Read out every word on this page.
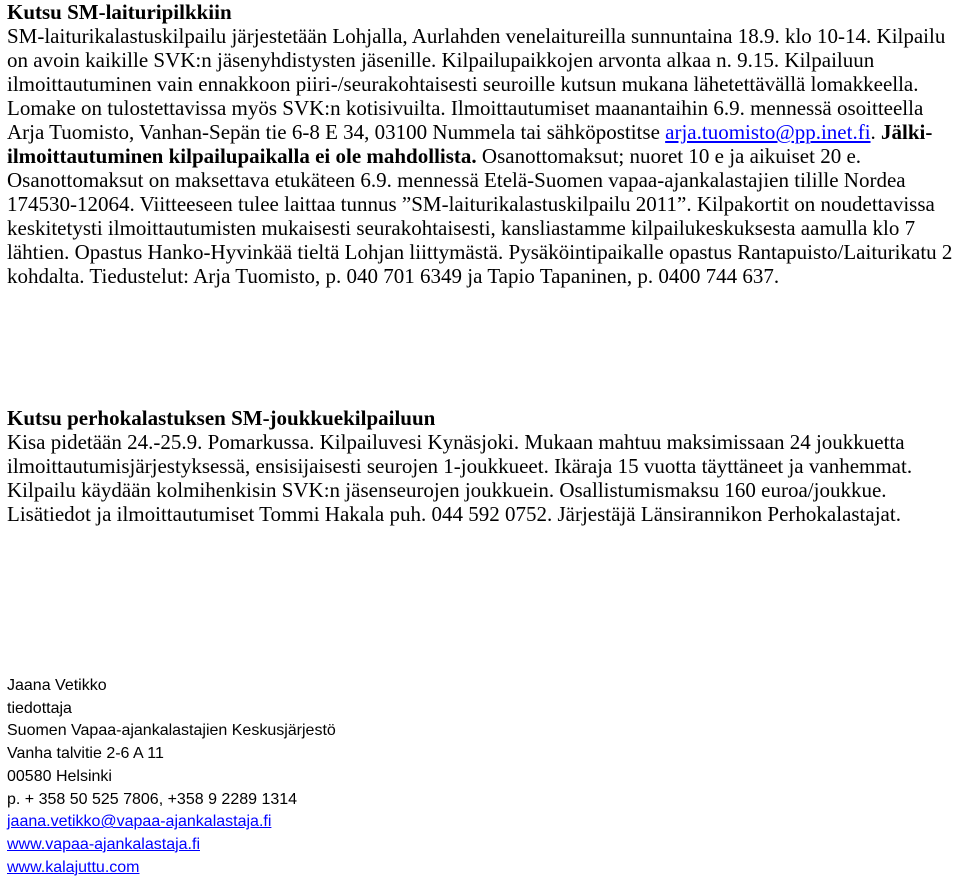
Kutsu SM-laituripilkkiin
SM-laiturikalastuskilpailu järjestetään Lohjalla, Aurlahden venelaitureilla sunnuntaina 18.9. klo 10-14. Kilpailu on avoin kaikille SVK:n jäsenyhdistysten jäsenille. Kilpailupaikkojen arvonta alkaa n. 9.15. Kilpailuun ilmoittautuminen vain ennakkoon piiri-/seurakohtaisesti seuroille kutsun mukana lähetettävällä lomakkeella. Lomake on tulostettavissa myös SVK:n kotisivuilta. Ilmoittautumiset maanantaihin 6.9. mennessä osoitteella Arja Tuomisto, Vanhan-Sepän tie 6-8 E 34, 03100 Nummela tai sähköpostitse arja.tuomisto@pp.inet.fi. Jälki-ilmoittautuminen kilpailupaikalla ei ole mahdollista. Osanottomaksut; nuoret 10 e ja aikuiset 20 e. Osanottomaksut on maksettava etukäteen 6.9. mennessä Etelä-Suomen vapaa-ajankalastajien tilille Nordea 174530-12064. Viitteeseen tulee laittaa tunnus ”SM-laiturikalastuskilpailu 2011”. Kilpakortit on noudettavissa keskitetysti ilmoittautumisten mukaisesti seurakohtaisesti, kansliastamme kilpailukeskuksesta aamulla klo 7 lähtien. Opastus Hanko-Hyvinkää tieltä Lohjan liittymästä. Pysäköintipaikalle opastus Rantapuisto/Laiturikatu 2 kohdalta. Tiedustelut: Arja Tuomisto, p. 040 701 6349 ja Tapio Tapaninen, p. 0400 744 637.
Kutsu perhokalastuksen SM-joukkuekilpailuun
Kisa pidetään 24.-25.9. Pomarkussa. Kilpailuvesi Kynäsjoki. Mukaan mahtuu maksimissaan 24 joukkuetta ilmoittautumisjärjestyksessä, ensisijaisesti seurojen 1-joukkueet. Ikäraja 15 vuotta täyttäneet ja vanhemmat. Kilpailu käydään kolmihenkisin SVK:n jäsenseurojen joukkuein. Osallistumismaksu 160 euroa/joukkue. Lisätiedot ja ilmoittautumiset Tommi Hakala puh. 044 592 0752. Järjestäjä Länsirannikon Perhokalastajat.
Jaana Vetikko
tiedottaja
Suomen Vapaa-ajankalastajien Keskusjärjestö
Vanha talvitie 2-6 A 11
00580 Helsinki
p. + 358 50 525 7806, +358 9 2289 1314
jaana.vetikko@vapaa-ajankalastaja.fi
www.vapaa-ajankalastaja.fi
www.kalajuttu.com
